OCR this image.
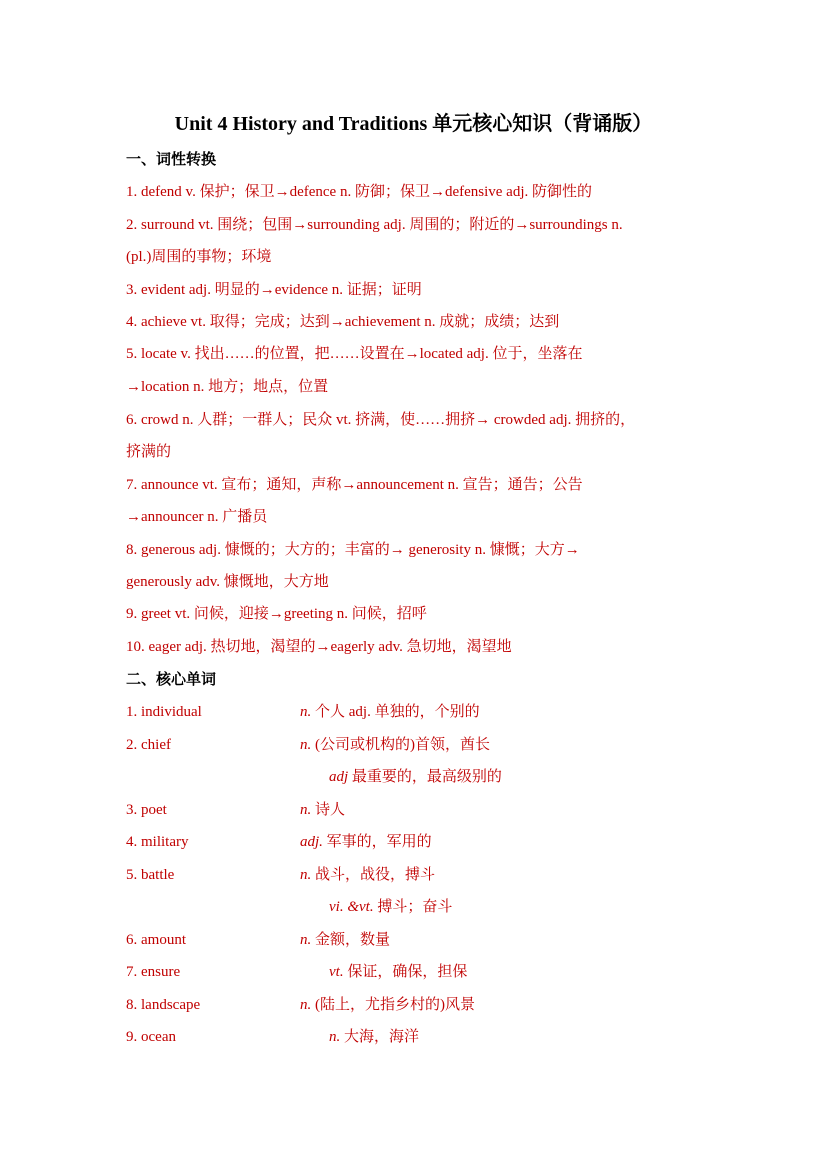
Unit 4 History and Traditions 单元核心知识（背诵版）
一、词性转换
1. defend v. 保护；保卫→defence n. 防御；保卫→defensive adj. 防御性的
2. surround vt. 围绕；包围→surrounding adj. 周围的；附近的→surroundings n.
(pl.)周围的事物；环境
3. evident adj. 明显的→evidence n. 证据；证明
4. achieve vt. 取得；完成；达到→achievement n. 成就；成绩；达到
5. locate v. 找出……的位置，把……设置在→located adj. 位于，坐落在
→location n. 地方；地点，位置
6. crowd n. 人群；一群人；民众 vt. 挤满，使……拥挤→ crowded adj. 拥挤的，
挤满的
7. announce vt. 宣布；通知，声称→announcement n. 宣告；通告；公告
→announcer n. 广播员
8. generous adj. 慷慨的；大方的；丰富的→ generosity n. 慷慨；大方→
generously adv. 慷慨地，大方地
9. greet vt. 问候，迎接→greeting n. 问候，招呼
10. eager adj. 热切地，渴望的→eagerly adv. 急切地，渴望地
二、核心单词
1. individual	n. 个人 adj. 单独的，个别的
2. chief	n. (公司或机构的)首领，酋长
adj 最重要的，最高级别的
3. poet	n. 诗人
4. military	adj. 军事的，军用的
5. battle	n. 战斗，战役，搏斗
vi. &vt. 搏斗；奋斗
6. amount	n. 金额，数量
7. ensure	vt. 保证，确保，担保
8. landscape	n. (陆上，尤指乡村的)风景
9. ocean	n. 大海，海洋
